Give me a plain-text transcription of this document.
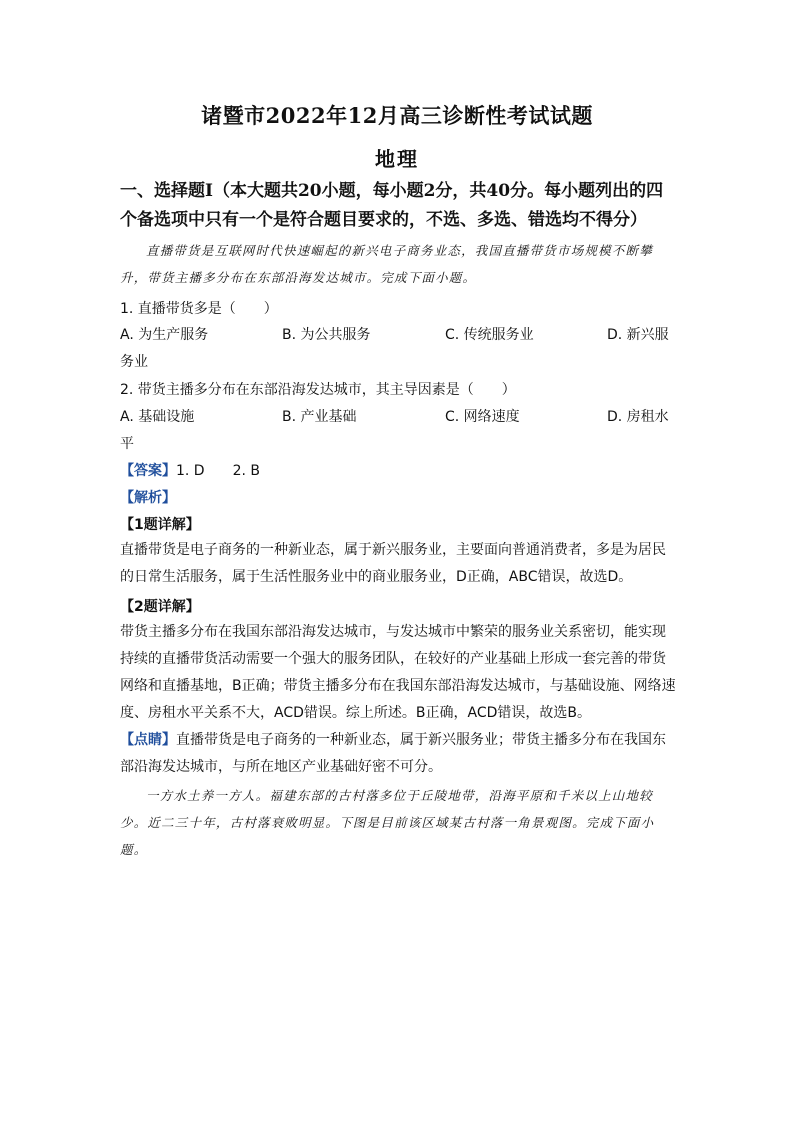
诸暨市2022年12月高三诊断性考试试题
地理
一、选择题Ⅰ（本大题共20小题，每小题2分，共40分。每小题列出的四个备选项中只有一个是符合题目要求的，不选、多选、错选均不得分）
直播带货是互联网时代快速崛起的新兴电子商务业态，我国直播带货市场规模不断攀升，带货主播多分布在东部沿海发达城市。完成下面小题。
1. 直播带货多是（　　）
A. 为生产服务	B. 为公共服务	C. 传统服务业	D. 新兴服
务业
2. 带货主播多分布在东部沿海发达城市，其主导因素是（　　）
A. 基础设施	B. 产业基础	C. 网络速度	D. 房租水
平
【答案】1. D　　2. B
【解析】
【1题详解】
直播带货是电子商务的一种新业态，属于新兴服务业，主要面向普通消费者，多是为居民的日常生活服务，属于生活性服务业中的商业服务业，D正确，ABC错误，故选D。
【2题详解】
带货主播多分布在我国东部沿海发达城市，与发达城市中繁荣的服务业关系密切，能实现持续的直播带货活动需要一个强大的服务团队，在较好的产业基础上形成一套完善的带货网络和直播基地，B正确；带货主播多分布在我国东部沿海发达城市，与基础设施、网络速度、房租水平关系不大，ACD错误。综上所述。B正确，ACD错误，故选B。
【点睛】直播带货是电子商务的一种新业态，属于新兴服务业；带货主播多分布在我国东部沿海发达城市，与所在地区产业基础好密不可分。
一方水土养一方人。福建东部的古村落多位于丘陵地带，沿海平原和千米以上山地较少。近二三十年，古村落衰败明显。下图是目前该区域某古村落一角景观图。完成下面小题。
